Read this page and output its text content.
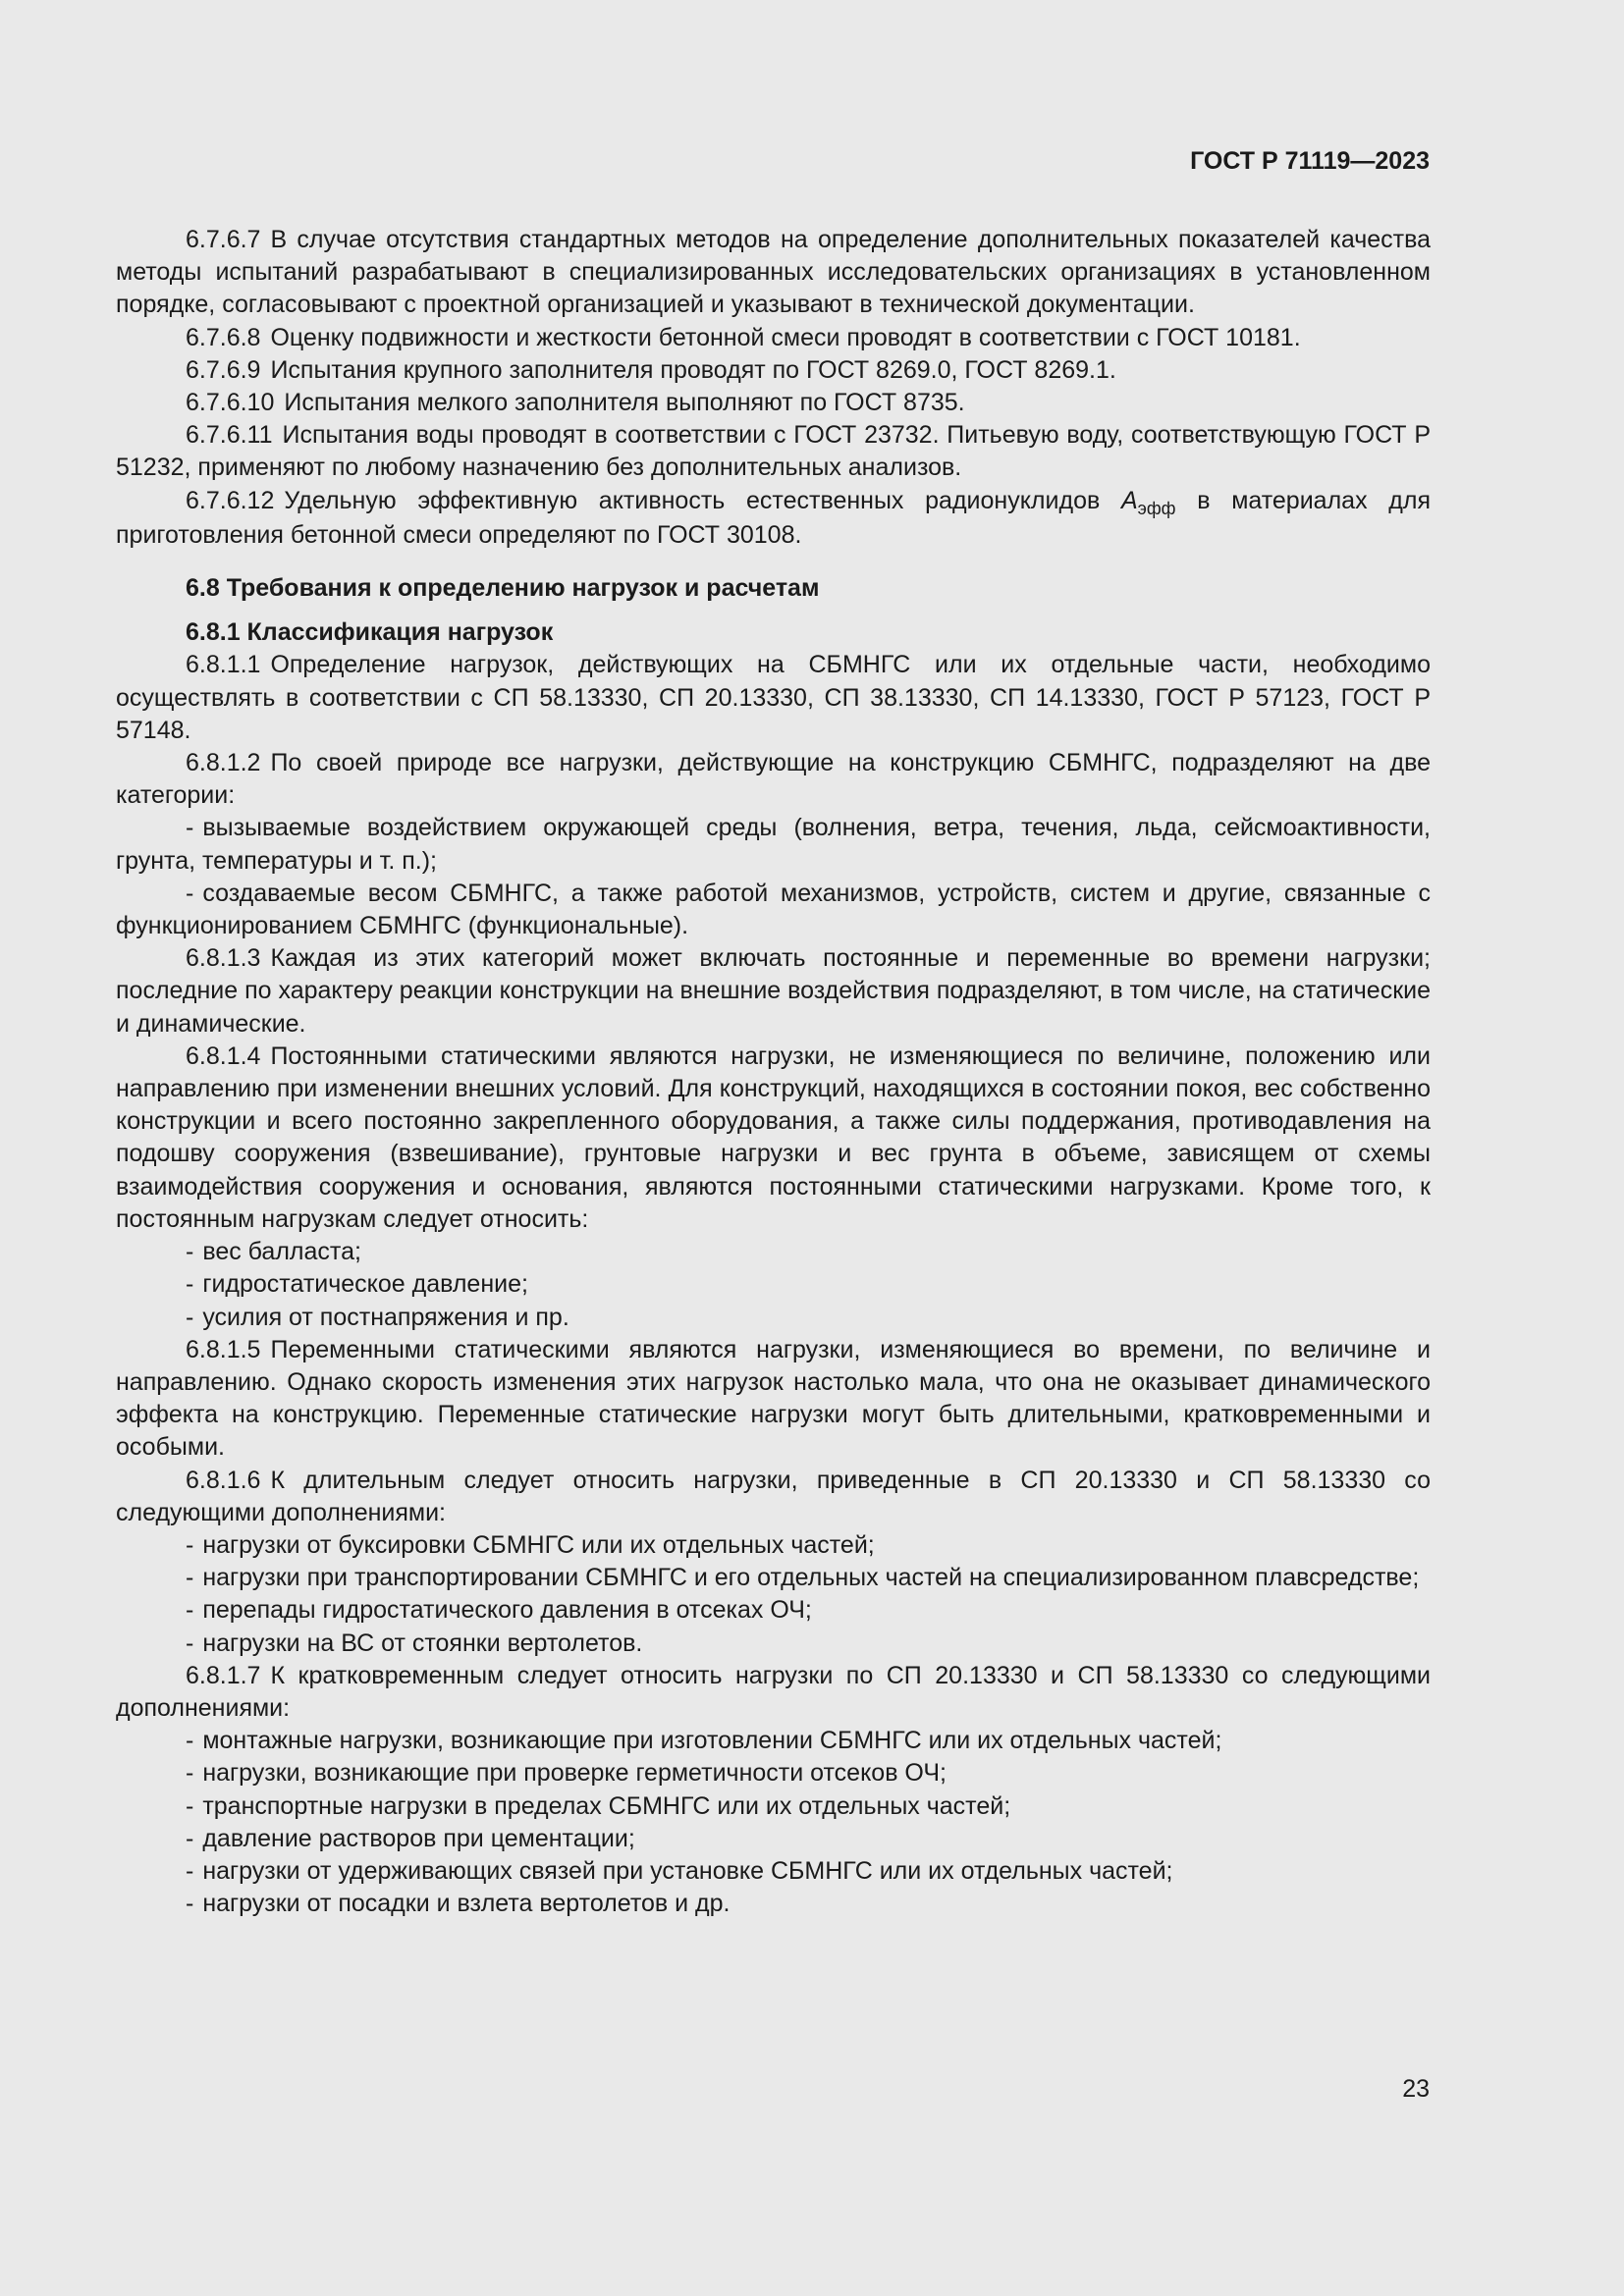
ГОСТ Р 71119—2023

6.7.6.7 В случае отсутствия стандартных методов на определение дополнительных показателей качества методы испытаний разрабатывают в специализированных исследовательских организациях в установленном порядке, согласовывают с проектной организацией и указывают в технической документации.

6.7.6.8 Оценку подвижности и жесткости бетонной смеси проводят в соответствии с ГОСТ 10181.

6.7.6.9 Испытания крупного заполнителя проводят по ГОСТ 8269.0, ГОСТ 8269.1.

6.7.6.10 Испытания мелкого заполнителя выполняют по ГОСТ 8735.

6.7.6.11 Испытания воды проводят в соответствии с ГОСТ 23732. Питьевую воду, соответствующую ГОСТ Р 51232, применяют по любому назначению без дополнительных анализов.

6.7.6.12 Удельную эффективную активность естественных радионуклидов $A_{эфф}$ в материалах для приготовления бетонной смеси определяют по ГОСТ 30108.

6.8 Требования к определению нагрузок и расчетам
6.8.1 Классификация нагрузок

6.8.1.1 Определение нагрузок, действующих на СБМНГС или их отдельные части, необходимо осуществлять в соответствии с СП 58.13330, СП 20.13330, СП 38.13330, СП 14.13330, ГОСТ Р 57123, ГОСТ Р 57148.

6.8.1.2 По своей природе все нагрузки, действующие на конструкцию СБМНГС, подразделяют на две категории:

- вызываемые воздействием окружающей среды (волнения, ветра, течения, льда, сейсмоактивности, грунта, температуры и т. п.);

- создаваемые весом СБМНГС, а также работой механизмов, устройств, систем и другие, связанные с функционированием СБМНГС (функциональные).

6.8.1.3 Каждая из этих категорий может включать постоянные и переменные во времени нагрузки; последние по характеру реакции конструкции на внешние воздействия подразделяют, в том числе, на статические и динамические.

6.8.1.4 Постоянными статическими являются нагрузки, не изменяющиеся по величине, положению или направлению при изменении внешних условий. Для конструкций, находящихся в состоянии покоя, вес собственно конструкции и всего постоянно закрепленного оборудования, а также силы поддержания, противодавления на подошву сооружения (взвешивание), грунтовые нагрузки и вес грунта в объеме, зависящем от схемы взаимодействия сооружения и основания, являются постоянными статическими нагрузками. Кроме того, к постоянным нагрузкам следует относить:

- вес балласта;

- гидростатическое давление;

- усилия от постнапряжения и пр.

6.8.1.5 Переменными статическими являются нагрузки, изменяющиеся во времени, по величине и направлению. Однако скорость изменения этих нагрузок настолько мала, что она не оказывает динамического эффекта на конструкцию. Переменные статические нагрузки могут быть длительными, кратковременными и особыми.

6.8.1.6 К длительным следует относить нагрузки, приведенные в СП 20.13330 и СП 58.13330 со следующими дополнениями:

- нагрузки от буксировки СБМНГС или их отдельных частей;

- нагрузки при транспортировании СБМНГС и его отдельных частей на специализированном плавсредстве;

- перепады гидростатического давления в отсеках ОЧ;

- нагрузки на ВС от стоянки вертолетов.

6.8.1.7 К кратковременным следует относить нагрузки по СП 20.13330 и СП 58.13330 со следующими дополнениями:

- монтажные нагрузки, возникающие при изготовлении СБМНГС или их отдельных частей;

- нагрузки, возникающие при проверке герметичности отсеков ОЧ;

- транспортные нагрузки в пределах СБМНГС или их отдельных частей;

- давление растворов при цементации;

- нагрузки от удерживающих связей при установке СБМНГС или их отдельных частей;

- нагрузки от посадки и взлета вертолетов и др.

23
